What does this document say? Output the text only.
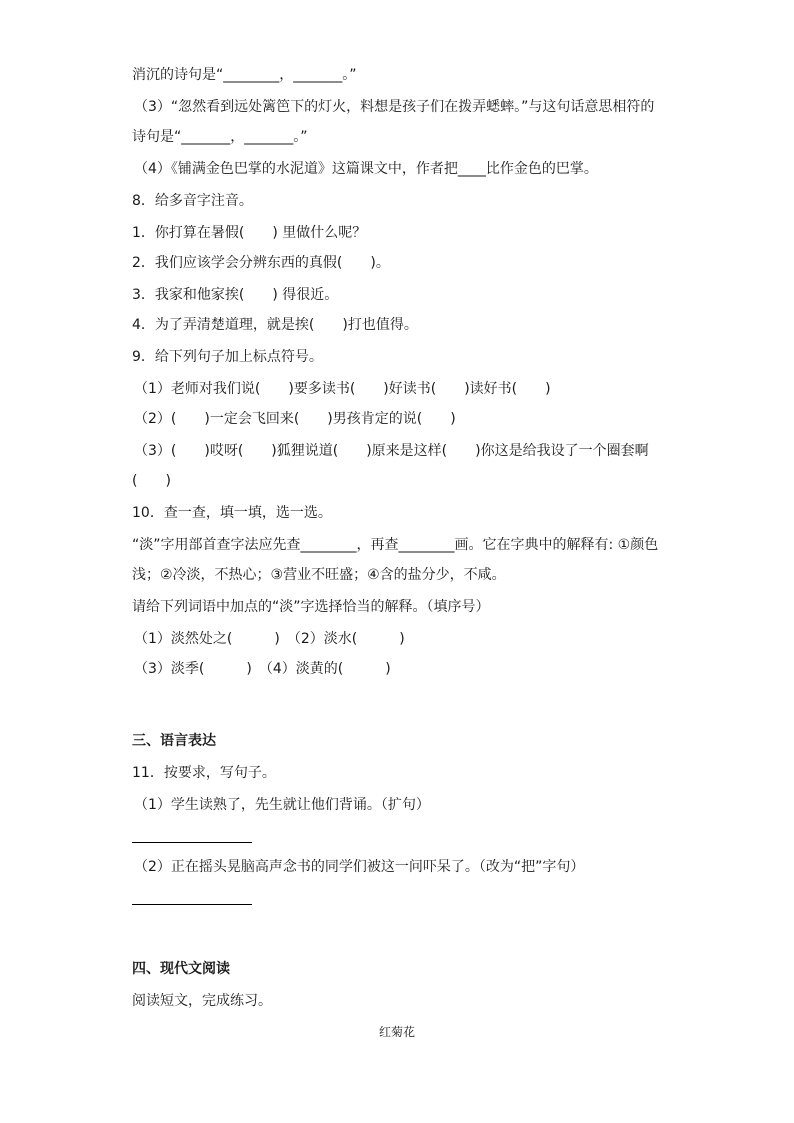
消沉的诗句是“________，_______。”
（3）“忽然看到远处篱笆下的灯火，料想是孩子们在拨弄蟋蟀。”与这句话意思相符的
诗句是“_______，_______。”
（4）《铺满金色巴掌的水泥道》这篇课文中，作者把____比作金色的巴掌。
8．给多音字注音。
1．你打算在暑假(　　) 里做什么呢？
2．我们应该学会分辨东西的真假(　　)。
3．我家和他家挨(　　) 得很近。
4．为了弄清楚道理，就是挨(　　)打也值得。
9．给下列句子加上标点符号。
（1）老师对我们说(　　)要多读书(　　)好读书(　　)读好书(　　)
（2）(　　)一定会飞回来(　　)男孩肯定的说(　　)
（3）(　　)哎呀(　　)狐狸说道(　　)原来是这样(　　)你这是给我设了一个圈套啊
(　　)
10．查一查，填一填，选一选。
“淡”字用部首查字法应先查________，再查________画。它在字典中的解释有: ①颜色
浅；②冷淡，不热心；③营业不旺盛；④含的盐分少，不咸。
请给下列词语中加点的“淡”字选择恰当的解释。（填序号）
（1）淡然处之(　　　)　（2）淡水(　　　)
（3）淡季(　　　)　（4）淡黄的(　　　)
三、语言表达
11．按要求，写句子。
（1）学生读熟了，先生就让他们背诵。（扩句）
（2）正在摇头晃脑高声念书的同学们被这一问吓呆了。（改为“把”字句）
四、现代文阅读
阅读短文，完成练习。
红菊花
